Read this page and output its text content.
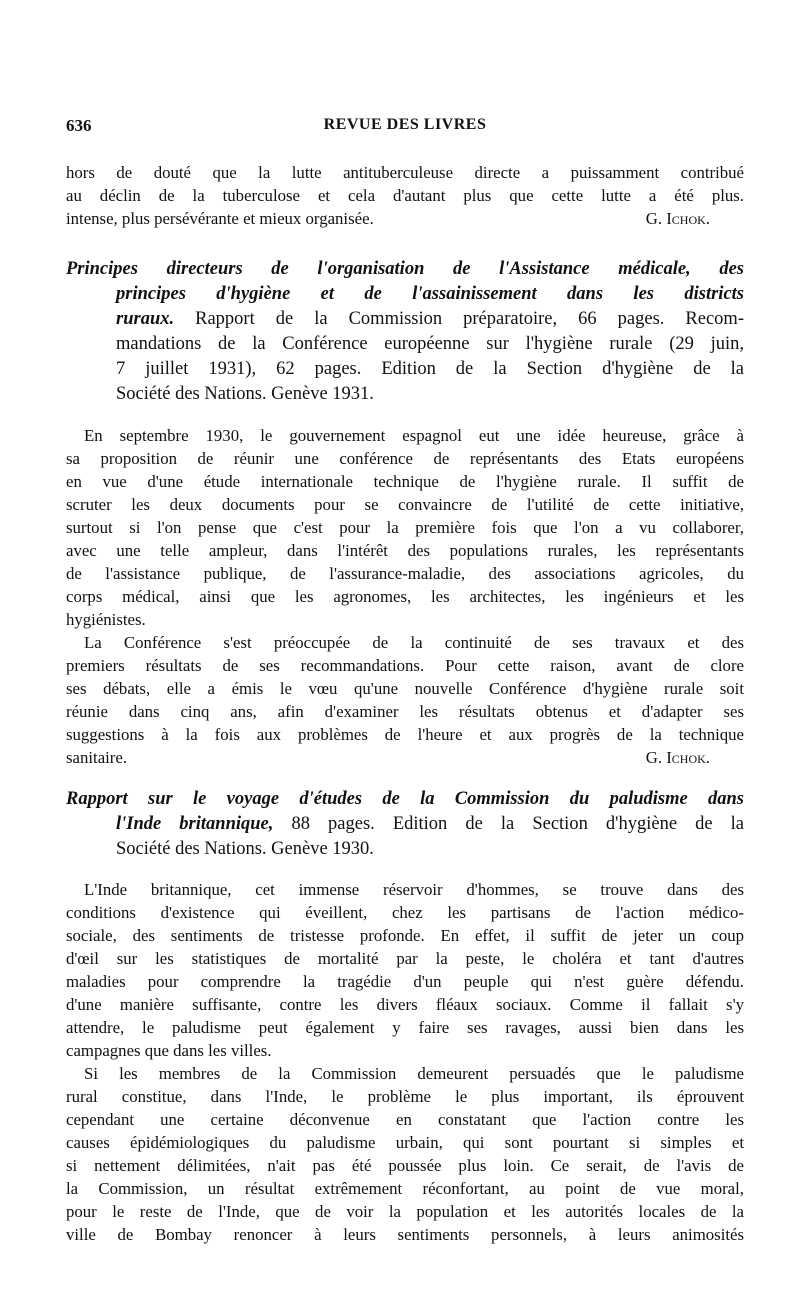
636	REVUE DES LIVRES
hors de douté que la lutte antituberculeuse directe a puissamment contribué
au déclin de la tuberculose et cela d'autant plus que cette lutte a été plus.
intense, plus persévérante et mieux organisée.	G. Ichok.
Principes directeurs de l'organisation de l'Assistance médicale, des
principes d'hygiène et de l'assainissement dans les districts
ruraux. Rapport de la Commission préparatoire, 66 pages. Recom-
mandations de la Conférence européenne sur l'hygiène rurale (29 juin,
7 juillet 1931), 62 pages. Edition de la Section d'hygiène de la
Société des Nations. Genève 1931.
En septembre 1930, le gouvernement espagnol eut une idée heureuse, grâce à
sa proposition de réunir une conférence de représentants des Etats européens
en vue d'une étude internationale technique de l'hygiène rurale. Il suffit de
scruter les deux documents pour se convaincre de l'utilité de cette initiative,
surtout si l'on pense que c'est pour la première fois que l'on a vu collaborer,
avec une telle ampleur, dans l'intérêt des populations rurales, les représentants
de l'assistance publique, de l'assurance-maladie, des associations agricoles, du
corps médical, ainsi que les agronomes, les architectes, les ingénieurs et les
hygiénistes.
La Conférence s'est préoccupée de la continuité de ses travaux et des
premiers résultats de ses recommandations. Pour cette raison, avant de clore
ses débats, elle a émis le vœu qu'une nouvelle Conférence d'hygiène rurale soit
réunie dans cinq ans, afin d'examiner les résultats obtenus et d'adapter ses
suggestions à la fois aux problèmes de l'heure et aux progrès de la technique
sanitaire.	G. Ichok.
Rapport sur le voyage d'études de la Commission du paludisme dans
l'Inde britannique, 88 pages. Edition de la Section d'hygiène de la
Société des Nations. Genève 1930.
L'Inde britannique, cet immense réservoir d'hommes, se trouve dans des
conditions d'existence qui éveillent, chez les partisans de l'action médico-
sociale, des sentiments de tristesse profonde. En effet, il suffit de jeter un coup
d'œil sur les statistiques de mortalité par la peste, le choléra et tant d'autres
maladies pour comprendre la tragédie d'un peuple qui n'est guère défendu.
d'une manière suffisante, contre les divers fléaux sociaux. Comme il fallait s'y
attendre, le paludisme peut également y faire ses ravages, aussi bien dans les
campagnes que dans les villes.
Si les membres de la Commission demeurent persuadés que le paludisme
rural constitue, dans l'Inde, le problème le plus important, ils éprouvent
cependant une certaine déconvenue en constatant que l'action contre les
causes épidémiologiques du paludisme urbain, qui sont pourtant si simples et
si nettement délimitées, n'ait pas été poussée plus loin. Ce serait, de l'avis de
la Commission, un résultat extrêmement réconfortant, au point de vue moral,
pour le reste de l'Inde, que de voir la population et les autorités locales de la
ville de Bombay renoncer à leurs sentiments personnels, à leurs animosités
